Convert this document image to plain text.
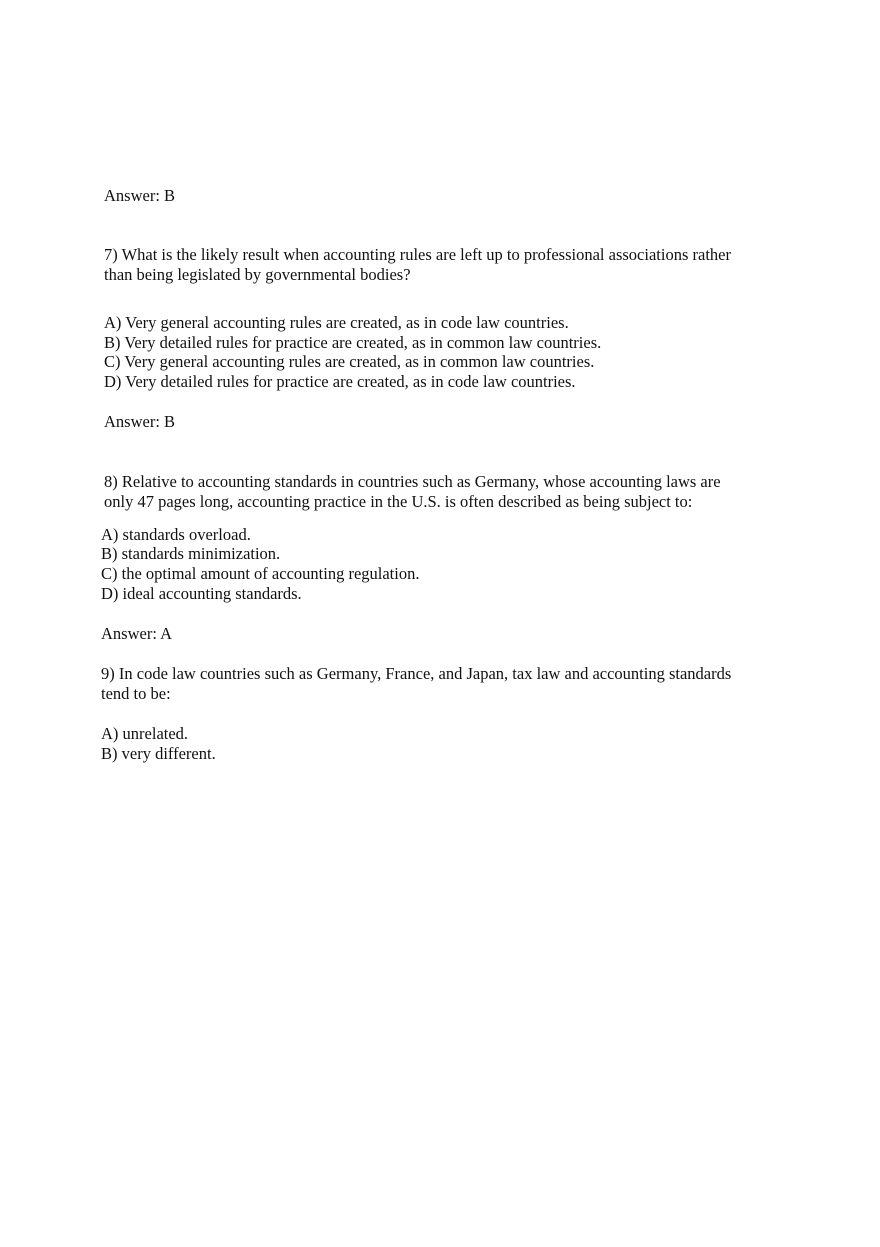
Answer: B
7) What is the likely result when accounting rules are left up to professional associations rather
than being legislated by governmental bodies?
A) Very general accounting rules are created, as in code law countries.
B) Very detailed rules for practice are created, as in common law countries.
C) Very general accounting rules are created, as in common law countries.
D) Very detailed rules for practice are created, as in code law countries.
Answer: B
8) Relative to accounting standards in countries such as Germany, whose accounting laws are
only 47 pages long, accounting practice in the U.S. is often described as being subject to:
A) standards overload.
B) standards minimization.
C) the optimal amount of accounting regulation.
D) ideal accounting standards.
Answer: A
9) In code law countries such as Germany, France, and Japan, tax law and accounting standards
tend to be:
A) unrelated.
B) very different.
